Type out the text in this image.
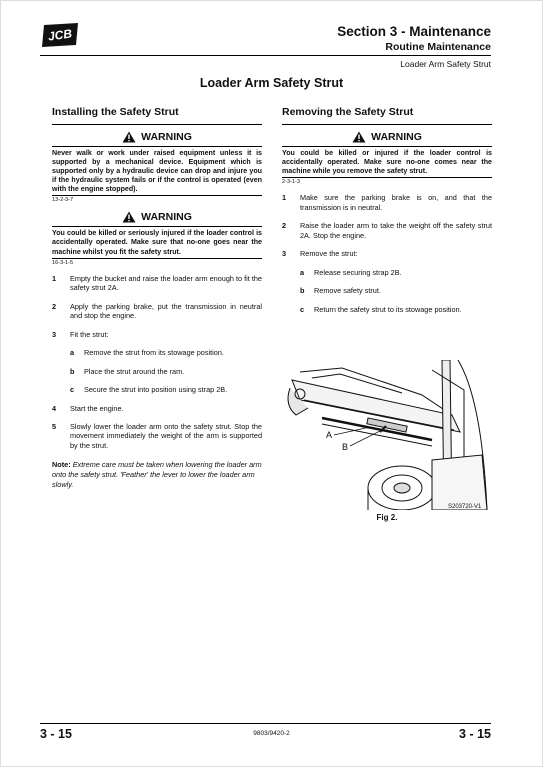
JCB	Section 3 - Maintenance
Routine Maintenance
Loader Arm Safety Strut
Loader Arm Safety Strut
Installing the Safety Strut
WARNING

Never walk or work under raised equipment unless it is supported by a mechanical device. Equipment which is supported only by a hydraulic device can drop and injure you if the hydraulic system fails or if the control is operated (even with the engine stopped).

13-2-3-7
WARNING

You could be killed or seriously injured if the loader control is accidentally operated. Make sure that no-one goes near the machine whilst you fit the safety strut.

16-3-1-5
1	Empty the bucket and raise the loader arm enough to fit the safety strut 2A.
2	Apply the parking brake, put the transmission in neutral and stop the engine.
3	Fit the strut:
a	Remove the strut from its stowage position.
b	Place the strut around the ram.
c	Secure the strut into position using strap 2B.
4	Start the engine.
5	Slowly lower the loader arm onto the safety strut. Stop the movement immediately the weight of the arm is supported by the strut.
Note: Extreme care must be taken when lowering the loader arm onto the safety strut. 'Feather' the lever to lower the loader arm slowly.
Removing the Safety Strut
WARNING

You could be killed or injured if the loader control is accidentally operated. Make sure no-one comes near the machine while you remove the safety strut.

2-3-1-3
1	Make sure the parking brake is on, and that the transmission is in neutral.
2	Raise the loader arm to take the weight off the safety strut 2A. Stop the engine.
3	Remove the strut:
a	Release securing strap 2B.
b	Remove safety strut.
c	Return the safety strut to its stowage position.
A
B
S203720-V1
Fig 2.
3 - 15	9803/9420-2	3 - 15
